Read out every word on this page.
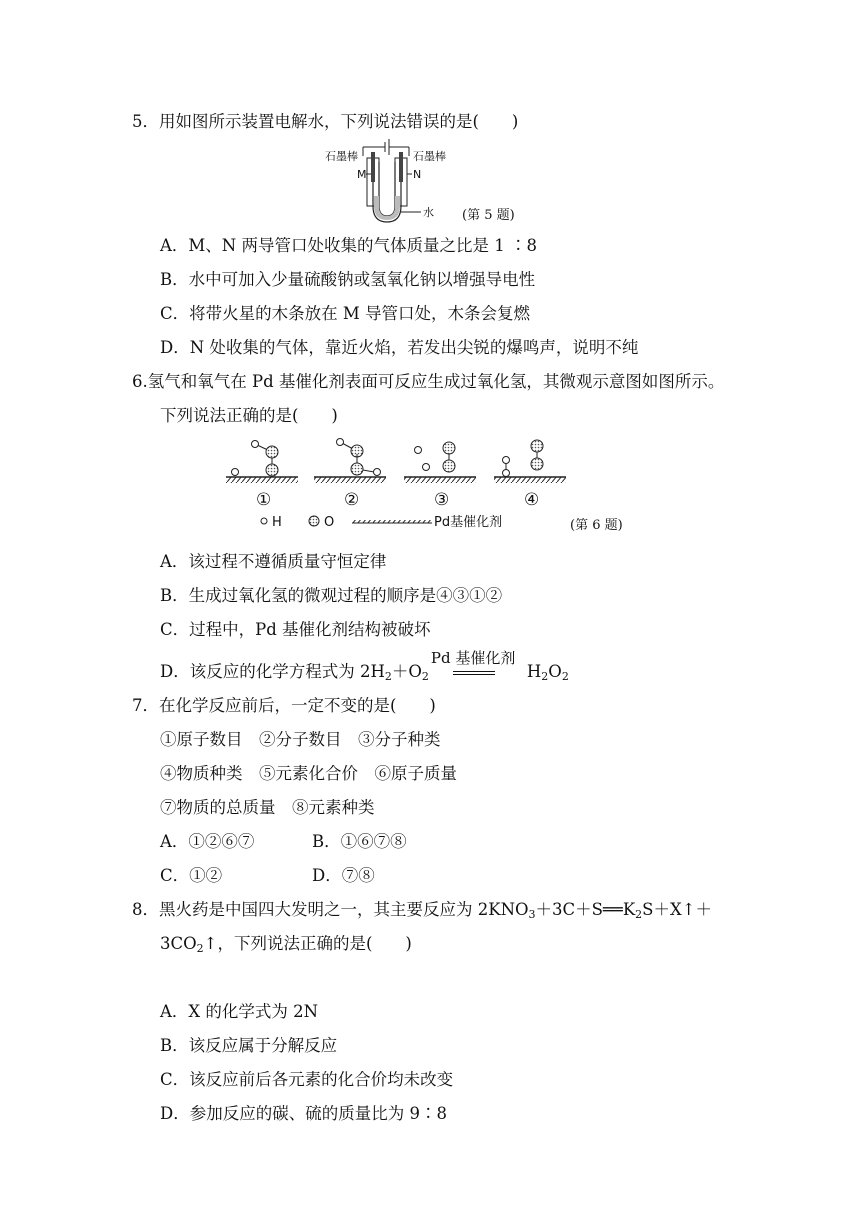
5．用如图所示装置电解水，下列说法错误的是(　　)
石墨棒	石墨棒
M	N
水 (第 5 题)
A．M、N 两导管口处收集的气体质量之比是 1 ∶8
B．水中可加入少量硫酸钠或氢氧化钠以增强导电性
C．将带火星的木条放在 M 导管口处，木条会复燃
D．N 处收集的气体，靠近火焰，若发出尖锐的爆鸣声，说明不纯
6.氢气和氧气在 Pd 基催化剂表面可反应生成过氧化氢，其微观示意图如图所示。
下列说法正确的是(　　)
①	②	③	④
H	O	Pd基催化剂	(第 6 题)
A．该过程不遵循质量守恒定律
B．生成过氧化氢的微观过程的顺序是④③①②
C．过程中，Pd 基催化剂结构被破坏
D．该反应的化学方程式为 $2H_2+O_2$
Pd 基催化剂
$H_2O_2$
7．在化学反应前后，一定不变的是(　　)
①原子数目　②分子数目　③分子种类
④物质种类　⑤元素化合价　⑥原子质量
⑦物质的总质量　⑧元素种类
A．①②⑥⑦	B．①⑥⑦⑧
C．①②	D．⑦⑧
8．黑火药是中国四大发明之一，其主要反应为 $2KNO_3+3C+S══K_2S+X↑+$
$3CO_2↑$，下列说法正确的是(　　)
A．X 的化学式为 2N
B．该反应属于分解反应
C．该反应前后各元素的化合价均未改变
D．参加反应的碳、硫的质量比为 9∶8
